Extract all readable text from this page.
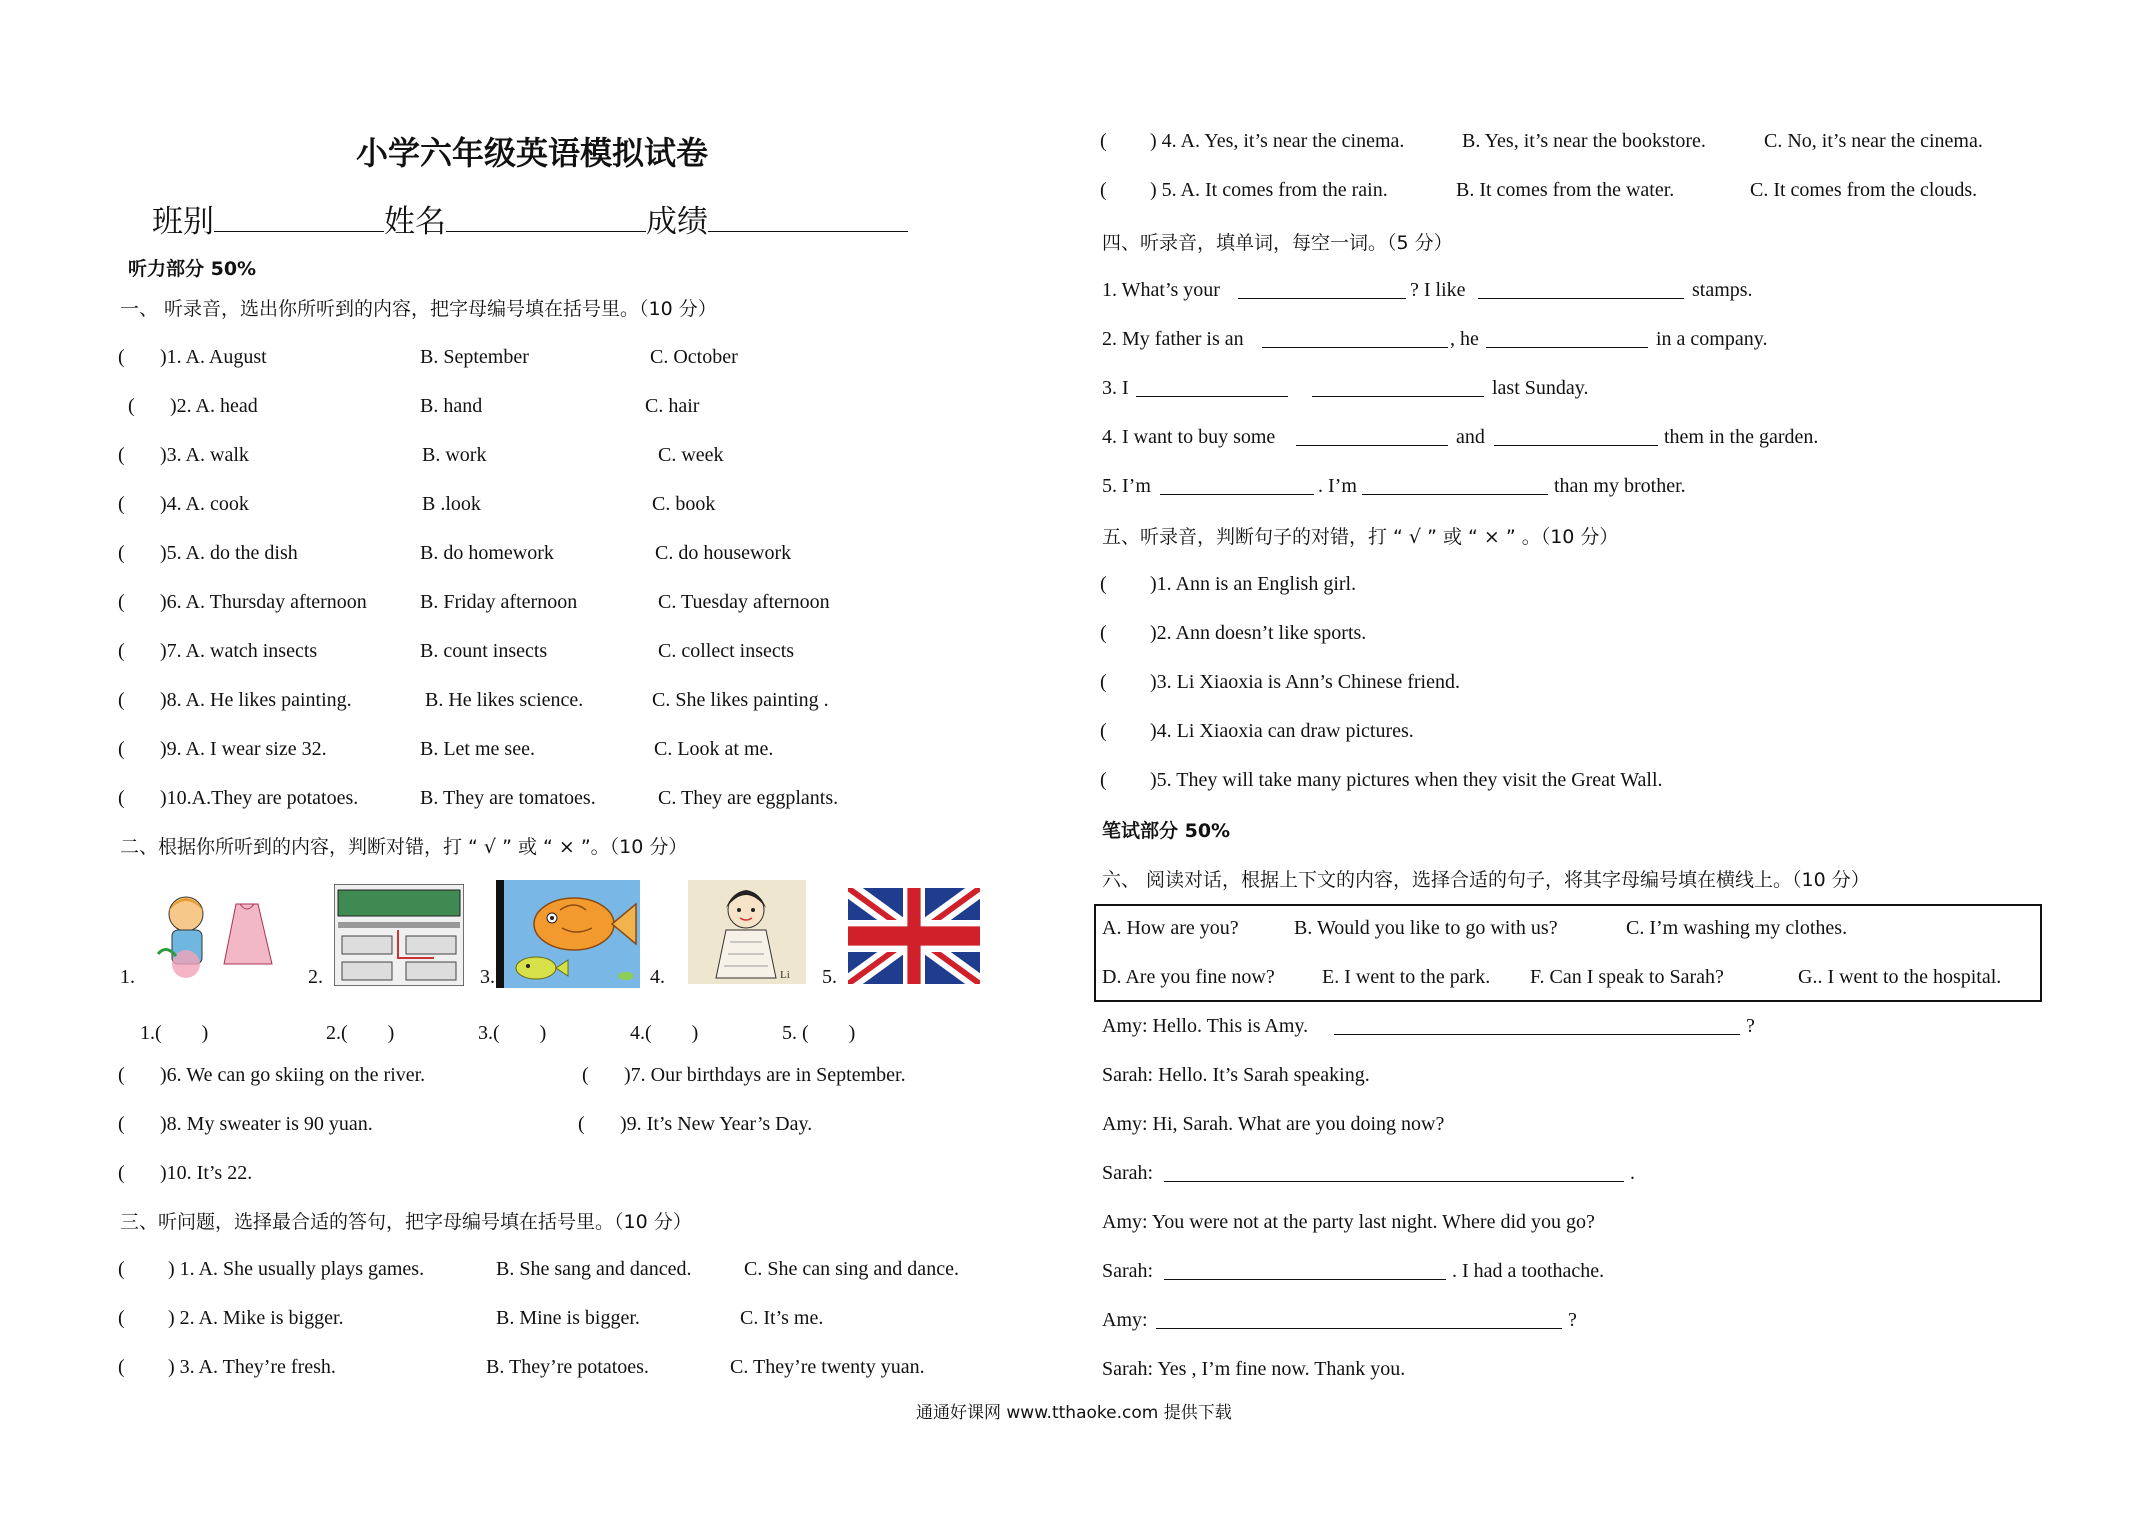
小学六年级英语模拟试卷
班别	姓名	成绩
听力部分 50%
一、 听录音，选出你所听到的内容，把字母编号填在括号里。（10 分）
( )1. A. August	B. September	C. October
( )2. A. head	B. hand	C. hair
( )3. A. walk	B. work	C. week
( )4. A. cook	B .look	C. book
( )5. A. do the dish	B. do homework	C. do housework
( )6. A. Thursday afternoon	B. Friday afternoon	C. Tuesday afternoon
( )7. A. watch insects	B. count insects	C. collect insects
( )8. A. He likes painting.	B. He likes science.	C. She likes painting .
( )9. A. I wear size 32.	B. Let me see.	C. Look at me.
( )10.A.They are potatoes.	B. They are tomatoes.	C. They are eggplants.
二、根据你所听到的内容，判断对错，打 “ √ ” 或 “ × ”。（10 分）
1.	2.	3.	4.	Li 5.
1.(　　)	2.(　　)	3.(　　)	4.(　　)	5. (　　)
( )6. We can go skiing on the river.	( )7. Our birthdays are in September.
( )8. My sweater is 90 yuan.	( )9. It’s New Year’s Day.
( )10. It’s 22.
三、听问题，选择最合适的答句，把字母编号填在括号里。（10 分）
( ) 1. A. She usually plays games.	B. She sang and danced.	C. She can sing and dance.
( ) 2. A. Mike is bigger.	B. Mine is bigger.	C. It’s me.
( ) 3. A. They’re fresh.	B. They’re potatoes.	C. They’re twenty yuan.
( ) 4. A. Yes, it’s near the cinema.	B. Yes, it’s near the bookstore.	C. No, it’s near the cinema.
( ) 5. A. It comes from the rain.	B. It comes from the water.	C. It comes from the clouds.
四、听录音，填单词，每空一词。（5 分）
1. What’s your	? I like	stamps.
2. My father is an	, he	in a company.
3. I	last Sunday.
4. I want to buy some	and	them in the garden.
5. I’m	. I’m	than my brother.
五、听录音，判断句子的对错，打 “ √ ” 或 “ × ” 。（10 分）
( )1. Ann is an English girl.
( )2. Ann doesn’t like sports.
( )3. Li Xiaoxia is Ann’s Chinese friend.
( )4. Li Xiaoxia can draw pictures.
( )5. They will take many pictures when they visit the Great Wall.
笔试部分 50%
六、 阅读对话，根据上下文的内容，选择合适的句子，将其字母编号填在横线上。（10 分）
A. How are you?	B. Would you like to go with us?	C. I’m washing my clothes.
D. Are you fine now? E. I went to the park. F. Can I speak to Sarah?	G.. I went to the hospital.
Amy: Hello. This is Amy.	?
Sarah: Hello. It’s Sarah speaking.
Amy: Hi, Sarah. What are you doing now?
Sarah:	.
Amy: You were not at the party last night. Where did you go?
Sarah:	. I had a toothache.
Amy:	?
Sarah: Yes , I’m fine now. Thank you.
通通好课网 www.tthaoke.com 提供下载
